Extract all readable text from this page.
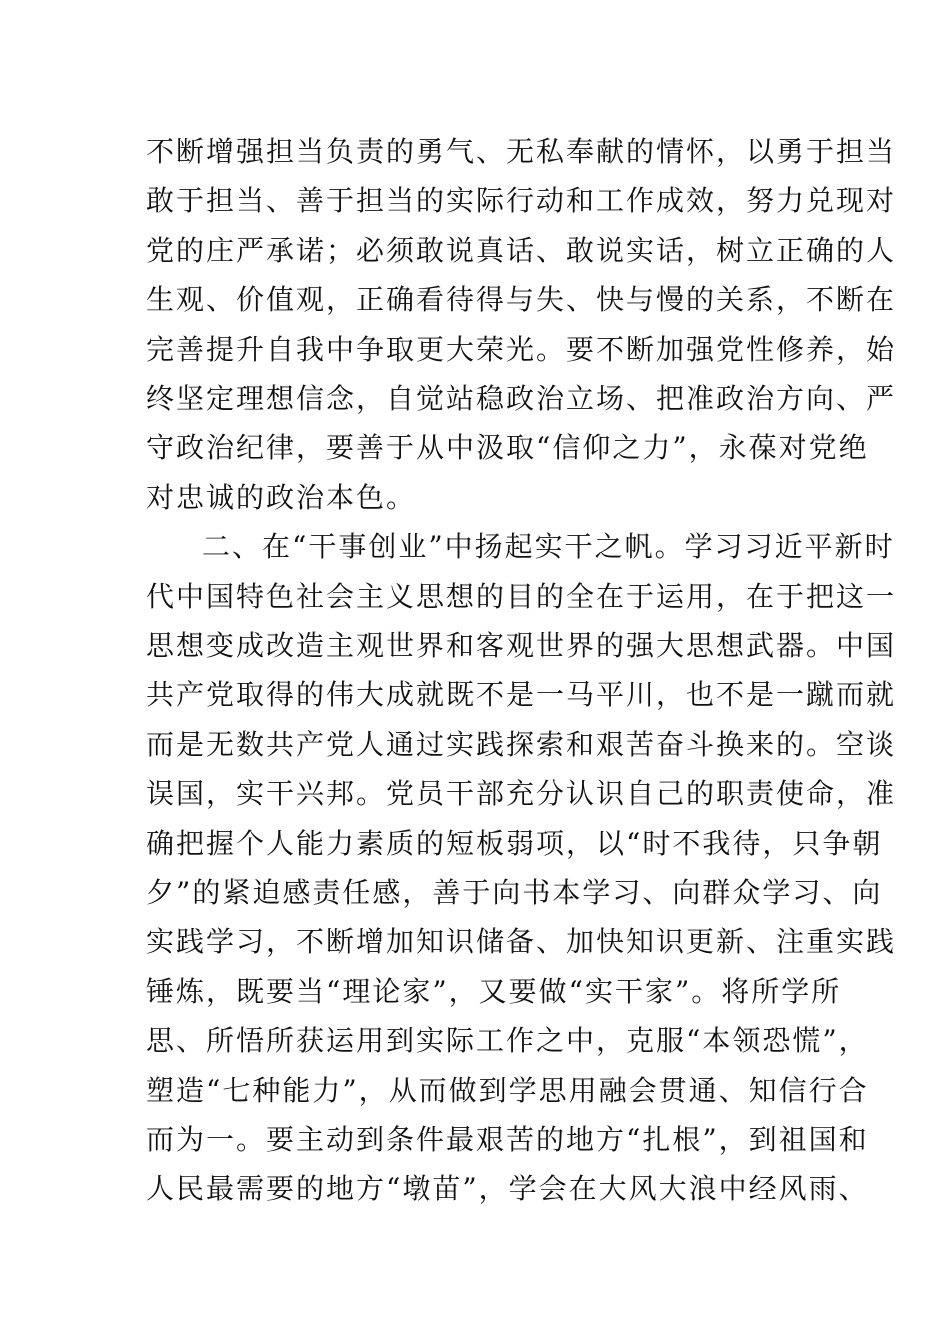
不断增强担当负责的勇气、无私奉献的情怀，以勇于担当
敢于担当、善于担当的实际行动和工作成效，努力兑现对
党的庄严承诺；必须敢说真话、敢说实话，树立正确的人
生观、价值观，正确看待得与失、快与慢的关系，不断在
完善提升自我中争取更大荣光。要不断加强党性修养，始
终坚定理想信念，自觉站稳政治立场、把准政治方向、严
守政治纪律，要善于从中汲取“信仰之力”，永葆对党绝
对忠诚的政治本色。
二、在“干事创业”中扬起实干之帆。学习习近平新时
代中国特色社会主义思想的目的全在于运用，在于把这一
思想变成改造主观世界和客观世界的强大思想武器。中国
共产党取得的伟大成就既不是一马平川，也不是一蹴而就
而是无数共产党人通过实践探索和艰苦奋斗换来的。空谈
误国，实干兴邦。党员干部充分认识自己的职责使命，准
确把握个人能力素质的短板弱项，以“时不我待，只争朝
夕”的紧迫感责任感，善于向书本学习、向群众学习、向
实践学习，不断增加知识储备、加快知识更新、注重实践
锤炼，既要当“理论家”，又要做“实干家”。将所学所
思、所悟所获运用到实际工作之中，克服“本领恐慌”，
塑造“七种能力”，从而做到学思用融会贯通、知信行合
而为一。要主动到条件最艰苦的地方“扎根”，到祖国和
人民最需要的地方“墩苗”，学会在大风大浪中经风雨、
